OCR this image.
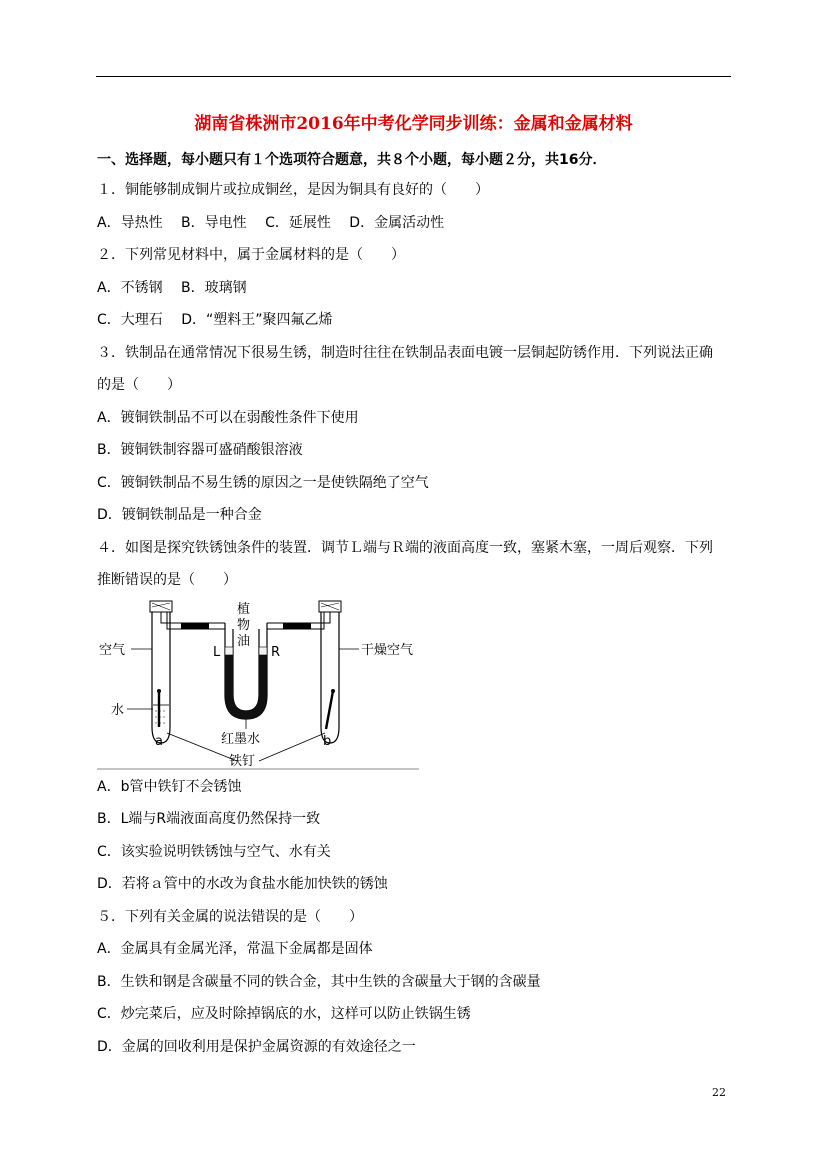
湖南省株洲市2016年中考化学同步训练：金属和金属材料
一、选择题，每小题只有１个选项符合题意，共８个小题，每小题２分，共16分．
１．铜能够制成铜片或拉成铜丝，是因为铜具有良好的（　　）
A．导热性　 B．导电性　 C．延展性　 D．金属活动性
２．下列常见材料中，属于金属材料的是（　　）
A．不锈钢　 B．玻璃钢
C．大理石　 D．“塑料王”聚四氟乙烯
３．铁制品在通常情况下很易生锈，制造时往往在铁制品表面电镀一层铜起防锈作用．下列说法正确
的是（　　）
A．镀铜铁制品不可以在弱酸性条件下使用
B．镀铜铁制容器可盛硝酸银溶液
C．镀铜铁制品不易生锈的原因之一是使铁隔绝了空气
D．镀铜铁制品是一种合金
４．如图是探究铁锈蚀条件的装置．调节Ｌ端与Ｒ端的液面高度一致，塞紧木塞，一周后观察．下列
推断错误的是（　　）
空气
水
a	b
植
物
油
L	R	干燥空气
红墨水
铁钉
A．b管中铁钉不会锈蚀
B．L端与R端液面高度仍然保持一致
C．该实验说明铁锈蚀与空气、水有关
D．若将ａ管中的水改为食盐水能加快铁的锈蚀
５．下列有关金属的说法错误的是（　　）
A．金属具有金属光泽，常温下金属都是固体
B．生铁和钢是含碳量不同的铁合金，其中生铁的含碳量大于钢的含碳量
C．炒完菜后，应及时除掉锅底的水，这样可以防止铁锅生锈
D．金属的回收利用是保护金属资源的有效途径之一
22
